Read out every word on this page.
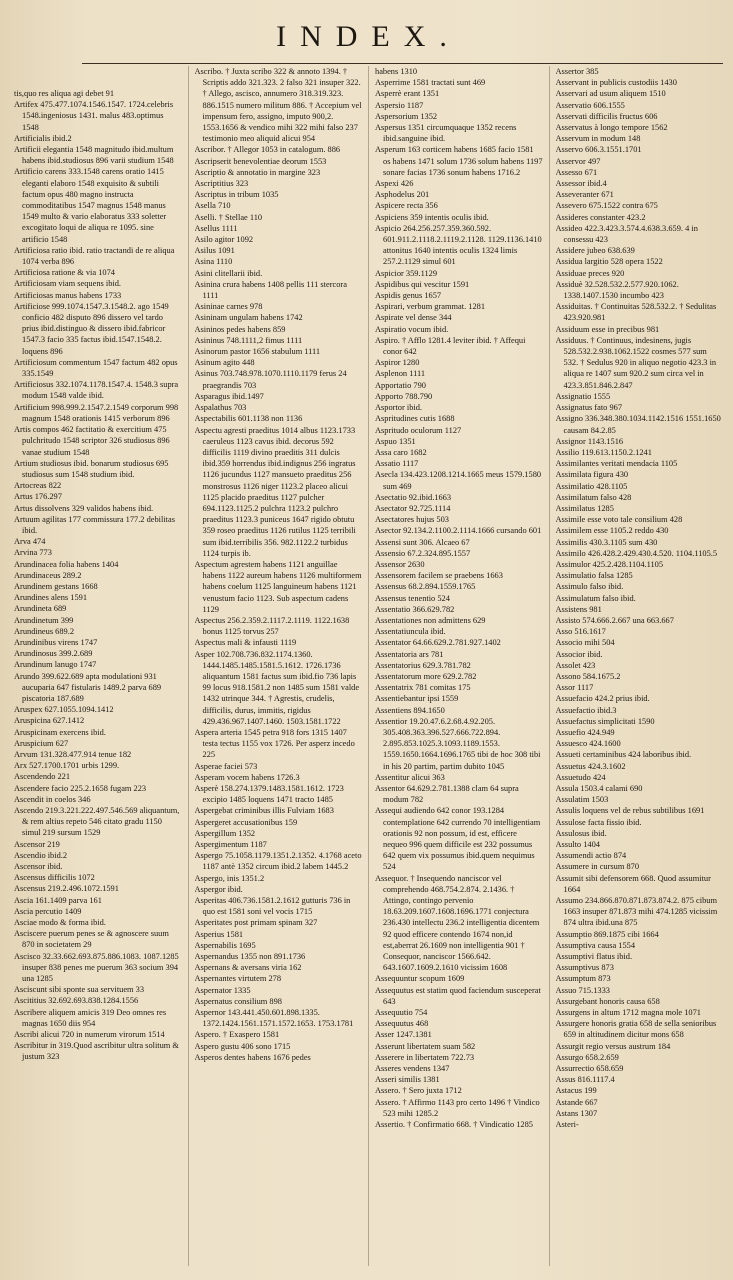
INDEX.
tis,quo res aliqua agi debet 91
Artifex 475.477.1074.1546.1547. 1724.celebris 1548.ingeniosus 1431. malus 483.optimus 1548
Artificialis ibid.2
Artificii elegantia 1548 magnitudo ibid.multum habens ibid.studiosus 896 varii studium 1548
Artificio carens 333.1548 carens oratio 1415 eleganti elaboro 1548 exquisito & subtili factum opus 480 magno instructa commoditatibus 1547 magnus 1548 manus 1549 multo & vario elaboratus 333 soletter excogitato loqui de aliqua re 1095. sine artificio 1548
Artificiosa ratio ibid. ratio tractandi de re aliqua 1074 verba 896
Artificiosa ratione & via 1074
Artificiosam viam sequens ibid.
Artificiosas manus habens 1733
Artificiose 999.1074.1547.3.1548.2. ago 1549 conficio 482 disputo 896 dissero vel tardo prius ibid.distinguo & dissero ibid.fabricor 1547.3 facio 335 factus ibid.1547.1548.2. loquens 896
Artificiosum commentum 1547 factum 482 opus 335.1549
Artificiosus 332.1074.1178.1547.4. 1548.3 supra modum 1548 valde ibid.
Artificium 998.999.2.1547.2.1549 corporum 998 magnum 1548 orationis 1415 verborum 896
Artis compos 462 factitatio & exercitium 475 pulchritudo 1548 scriptor 326 studiosus 896 vanae studium 1548
Artium studiosus ibid. bonarum studiosus 695 studiosus sum 1548 studium ibid.
Artocreas 822
Artus 176.297
Artus dissolvens 329 validos habens ibid.
Artuum agilitas 177 commissura 177.2 debilitas ibid.
Arva 474
Arvina 773
Arundinacea folia habens 1404
Arundinaceus 289.2
Arundinem gestans 1668
Arundines alens 1591
Arundineta 689
Arundinetum 399
Arundineus 689.2
Arundinibus virens 1747
Arundinosus 399.2.689
Arundinum lanugo 1747
Arundo 399.622.689 apta modulationi 931 aucuparia 647 fistularis 1489.2 parva 689 piscatoria 187.689
Aruspex 627.1055.1094.1412
Aruspicina 627.1412
Aruspicinam exercens ibid.
Aruspicium 627
Arvum 131.328.477.914 tenue 182
Arx 527.1700.1701 urbis 1299.
Ascendendo 221
Ascendere facio 225.2.1658 fugam 223
Ascendit in coelos 346
Ascendo 219.3.221.222.497.546.569 aliquantum, & rem altius repeto 546 citato gradu 1150 simul 219 sursum 1529
Ascensor 219
Ascendio ibid.2
Ascensor ibid.
Ascensus difficilis 1072
Ascensus 219.2.496.1072.1591
Ascia 161.1409 parva 161
Ascia percutio 1409
Asciae modo & forma ibid.
Asciscere puerum penes se & agnoscere suum 870 in societatem 29
Ascisco 32.33.662.693.875.886.1083. 1087.1285 insuper 838 penes me puerum 363 socium 394 una 1285
Asciscunt sibi sponte sua servituem 33
Ascititius 32.692.693.838.1284.1556
Ascribere aliquem amicis 319 Deo omnes res magnas 1650 diis 954
Ascribi alicui 720 in numerum virorum 1514
Ascribitur in 319.Quod ascribitur ultra solitum & justum 323
Ascribo. † Juxta scribo 322 & annoto 1394. † Scriptis addo 321.323. 2 falso 321 insuper 322. † Allego, ascisco, annumero 318.319.323. 886.1515 numero militum 886. † Accepium vel impensum fero, assigno, imputo 900,2. 1553.1656 & vendico mihi 322 mihi falso 237 testimonio meo aliquid alicui 954
Ascribor. † Allegor 1053 in catalogum. 886
Ascripserit benevolentiae deorum 1553
Ascriptio & annotatio in margine 323
Ascriptitius 323
Ascriptus in tribum 1035
Asella 710
Aselli. † Stellae 110
Asellus 1111
Asilo agitor 1092
Asilus 1091
Asina 1110
Asini clitellarii ibid.
Asinina crura habens 1408 pellis 111 stercora 1111
Asininae carnes 978
Asininam ungulam habens 1742
Asininos pedes habens 859
Asininus 748.1111,2 fimus 1111
Asinorum pastor 1656 stabulum 1111
Asinum agito 448
Asinus 703.748.978.1070.1110.1179 ferus 24 praegrandis 703
Asparagus ibid.1497
Aspalathus 703
Aspectabilis 601.1138 non 1136
Aspectu agresti praeditus 1014 albus 1123.1733 caeruleus 1123 cavus ibid. decorus 592 difficilis 1119 divino praeditis 311 dulcis ibid.359 horrendus ibid.indignus 256 ingratus 1126 jucundus 1127 mansueto praeditus 256 monstrosus 1126 niger 1123.2 placeo alicui 1125 placido praeditus 1127 pulcher 694.1123.1125.2 pulchra 1123.2 pulchro praeditus 1123.3 puniceus 1647 rigido obtutu 359 roseo praeditus 1126 rutilus 1125 terribili sum ibid.terribilis 356. 982.1122.2 turbidus 1124 turpis ib.
Aspectum agrestem habens 1121 anguillae habens 1122 aureum habens 1126 multiformem habens coelum 1125 languineum habens 1121 venustum facio 1123. Sub aspectum cadens 1129
Aspectus 256.2.359.2.1117.2.1119. 1122.1638 bonus 1125 torvus 257
Aspectus mali & infausti 1119
Asper 102.708.736.832.1174.1360. 1444.1485.1485.1581.5.1612. 1726.1736 aliquantum 1581 factus sum ibid.fio 736 lapis 99 locus 918.1581.2 non 1485 sum 1581 valde 1432 utrinque 344. † Agrestis, crudelis, difficilis, durus, immitis, rigidus 429.436.967.1407.1460. 1503.1581.1722
Aspera arteria 1545 petra 918 fors 1315 1407 testa tectus 1155 vox 1726. Per asperz incedo 225
Asperae faciei 573
Asperam vocem habens 1726.3
Asperè 158.274.1379.1483.1581.1612. 1723 excipio 1485 loquens 1471 tracto 1485
Aspergebat criminibus illis Fulviam 1683
Aspergeret accusationibus 159
Aspergillum 1352
Aspergimentum 1187
Aspergo 75.1058.1179.1351.2.1352. 4.1768 aceto 1187 antè 1352 circum ibid.2 labem 1445.2
Aspergo, inis 1351.2
Aspergor ibid.
Asperitas 406.736.1581.2.1612 gutturis 736 in quo est 1581 soni vel vocis 1715
Asperitates post primam spinam 327
Asperius 1581
Aspernabilis 1695
Aspernandus 1355 non 891.1736
Aspernans & aversans viria 162
Aspernantes virtutem 278
Aspernator 1335
Aspernatus consilium 898
Aspernor 143.441.450.601.898.1335. 1372.1424.1561.1571.1572.1653. 1753.1781
Aspero. † Exaspero 1581
Aspero gustu 406 sono 1715
Asperos dentes habens 1676 pedes
habens 1310
Asperrime 1581 tractati sunt 469
Asperrè erant 1351
Aspersio 1187
Aspersorium 1352
Aspersus 1351 circumquaque 1352 recens ibid.sanguine ibid.
Asperum 163 corticem habens 1685 facio 1581 os habens 1471 solum 1736 solum habens 1197 sonare facias 1736 sonum habens 1716.2
Aspexi 426
Asphodelus 201
Aspicere recta 356
Aspiciens 359 intentis oculis ibid.
Aspicio 264.256.257.359.360.592. 601.911.2.1118.2.1119.2.1128. 1129.1136.1410 attonitus 1640 intentis oculis 1324 limis 257.2.1129 simul 601
Aspicior 359.1129
Aspidibus qui vescitur 1591
Aspidis genus 1657
Aspirari, verbum grammat. 1281
Aspirate vel dense 344
Aspiratio vocum ibid.
Aspiro. † Afflo 1281.4 leviter ibid. † Affequi conor 642
Aspiror 1280
Asplenon 1111
Apportatio 790
Apporto 788.790
Asportor ibid.
Aspritudines cutis 1688
Aspritudo oculorum 1127
Aspuo 1351
Assa caro 1682
Assatio 1117
Asecla 134.423.1208.1214.1665 meus 1579.1580 sum 469
Asectatio 92.ibid.1663
Asectator 92.725.1114
Asectatores hujus 503
Asector 92.134.2.1100.2.1114.1666 cursando 601
Assensi sunt 306. Alcaeo 67
Assensio 67.2.324.895.1557
Assensor 2630
Assensorem facilem se praebens 1663
Assensus 68.2.894.1559.1765
Assensus tenentio 524
Assentatio 366.629.782
Assentationes non admittens 629
Assentatiuncula ibid.
Assentator 64.66.629.2.781.927.1402
Assentatoria ars 781
Assentatorius 629.3.781.782
Assentatorum more 629.2.782
Assentatrix 781 comitas 175
Assentiebantur ipsi 1559
Assentiens 894.1650
Assentior 19.20.47.6.2.68.4.92.205. 305.408.363.396.527.666.722.894. 2.895.853.1025.3.1093.1189.1553. 1559.1650.1664.1696.1765 tibi de hoc 308 tibi in his 20 partim, partim dubito 1045
Assentitur alicui 363
Assentor 64.629.2.781.1388 clam 64 supra modum 782
Assequi audiendo 642 conor 193.1284 contemplatione 642 currendo 70 intelligentiam orationis 92 non possum, id est, efficere nequeo 996 quem difficile est 232 possumus 642 quem vix possumus ibid.quem nequimus 524
Assequor. † Insequendo nanciscor vel comprehendo 468.754.2.874. 2.1436. † Attingo, contingo pervenio 18.63.209.1607.1608.1696.1771 conjectura 236.430 intellectu 236.2 intelligentia dicentem 92 quod efficere contendo 1674 non,id est,aberrat 26.1609 non intelligentia 901 † Consequor, nanciscor 1566.642. 643.1607.1609.2.1610 vicissim 1608
Assequuntur scopum 1609
Assequutus est statim quod faciendum susceperat 643
Assequutio 754
Assequutus 468
Asser 1247.1381
Asserunt libertatem suam 582
Asserere in libertatem 722.73
Asseres vendens 1347
Asseri similis 1381
Assero. † Sero juxta 1712
Assero. † Affirmo 1143 pro certo 1496 † Vindico 523 mihi 1285.2
Assertio. † Confirmatio 668. † Vindicatio 1285
Assertor 385
Asservant in publicis custodiis 1430
Asservari ad usum aliquem 1510
Asservatio 606.1555
Asservati difficilis fructus 606
Asservatus à longo tempore 1562
Asservum in modum 148
Asservo 606.3.1551.1701
Asservor 497
Assesso 671
Assessor ibid.4
Asseveranter 671
Assevero 675.1522 contra 675
Assideres constanter 423.2
Assideo 422.3.423.3.574.4.638.3.659. 4 in consessu 423
Assidere jubeo 638.639
Assidua largitio 528 opera 1522
Assiduae preces 920
Assiduè 32.528.532.2.577.920.1062. 1338.1407.1530 incumbo 423
Assiduitas. † Continuitas 528.532.2. † Sedulitas 423.920.981
Assiduum esse in precibus 981
Assiduus. † Continuus, indesinens, jugis 528.532.2.938.1062.1522 cosmes 577 sum 532. † Sedulus 920 in aliquo negotio 423.3 in aliqua re 1407 sum 920.2 sum circa vel in 423.3.851.846.2.847
Assignatio 1555
Assignatus fato 967
Assigno 336.348.380.1034.1142.1516 1551.1650 causam 84.2.85
Assignor 1143.1516
Assilio 119.613.1150.2.1241
Assimilantes veritati mendacia 1105
Assimilata figura 430
Assimilatio 428.1105
Assimilatum falso 428
Assimilatus 1285
Assimile esse voto tale consilium 428
Assimilem esse 1105.2 reddo 430
Assimilis 430.3.1105 sum 430
Assimilo 426.428.2.429.430.4.520. 1104.1105.5
Assimulor 425.2.428.1104.1105
Assimulatio falsa 1285
Assimulo falso ibid.
Assimulatum falso ibid.
Assistens 981
Assisto 574.666.2.667 una 663.667
Asso 516.1617
Associo mihi 504
Associor ibid.
Assolet 423
Assono 584.1675.2
Assor 1117
Assuefacio 424.2 prius ibid.
Assuefactio ibid.3
Assuefactus simplicitati 1590
Assuefio 424.949
Assuesco 424.1600
Assueti certaminibus 424 laboribus ibid.
Assuetus 424.3.1602
Assuetudo 424
Assula 1503.4 calami 690
Assulatim 1503
Assulis loquens vel de rebus subtilibus 1691
Assulose facta fissio ibid.
Assulosus ibid.
Assulto 1404
Assumendi actio 874
Assumere in cursum 870
Assumit sibi defensorem 668. Quod assumitur 1664
Assumo 234.866.870.871.873.874.2. 875 cibum 1663 insuper 871.873 mihi 474.1285 vicissim 874 ultra ibid.una 875
Assumptio 869.1875 cibi 1664
Assumptiva causa 1554
Assumptivi flatus ibid.
Assumptivus 873
Assumptum 873
Assuo 715.1333
Assurgebant honoris causa 658
Assurgens in altum 1712 magna mole 1071
Assurgere honoris gratia 658 de sella senioribus 659 in altitudinem dicitur mons 658
Assurgit regio versus austrum 184
Assurgo 658.2.659
Assurrectio 658.659
Assus 816.1117.4
Astacus 199
Astande 667
Astans 1307
Asteri-
